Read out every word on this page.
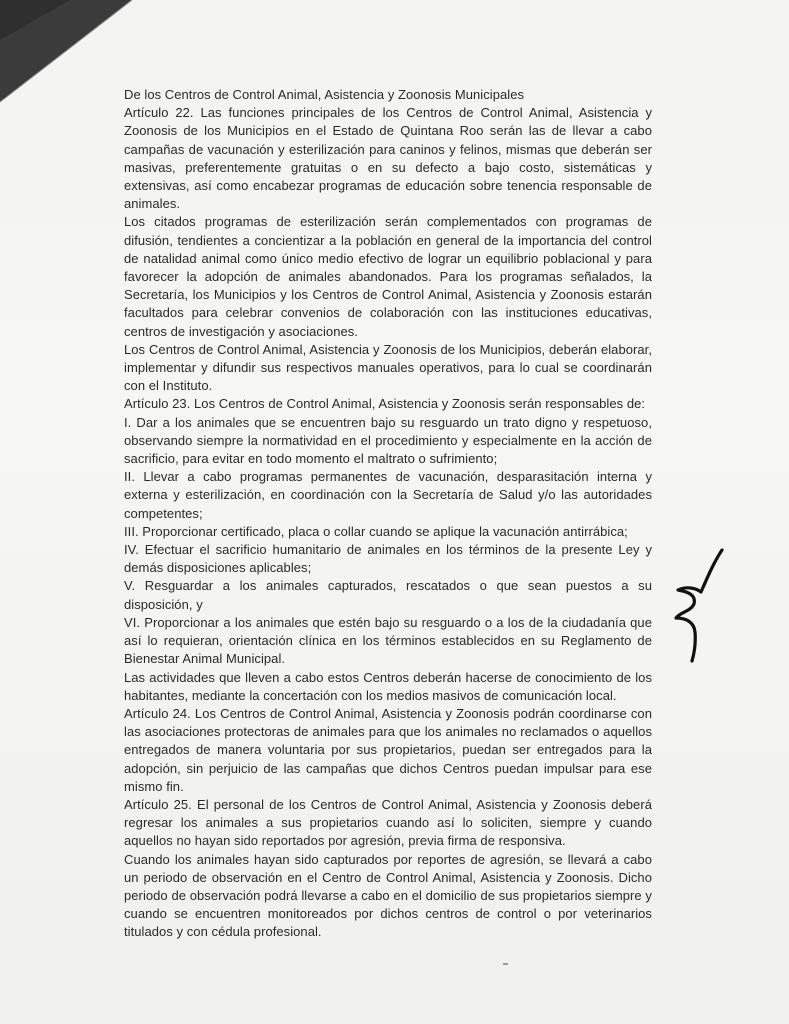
De los Centros de Control Animal, Asistencia y Zoonosis Municipales

Artículo 22. Las funciones principales de los Centros de Control Animal, Asistencia y Zoonosis de los Municipios en el Estado de Quintana Roo serán las de llevar a cabo campañas de vacunación y esterilización para caninos y felinos, mismas que deberán ser masivas, preferentemente gratuitas o en su defecto a bajo costo, sistemáticas y extensivas, así como encabezar programas de educación sobre tenencia responsable de animales.

Los citados programas de esterilización serán complementados con programas de difusión, tendientes a concientizar a la población en general de la importancia del control de natalidad animal como único medio efectivo de lograr un equilibrio poblacional y para favorecer la adopción de animales abandonados. Para los programas señalados, la Secretaría, los Municipios y los Centros de Control Animal, Asistencia y Zoonosis estarán facultados para celebrar convenios de colaboración con las instituciones educativas, centros de investigación y asociaciones.

Los Centros de Control Animal, Asistencia y Zoonosis de los Municipios, deberán elaborar, implementar y difundir sus respectivos manuales operativos, para lo cual se coordinarán con el Instituto.

Artículo 23. Los Centros de Control Animal, Asistencia y Zoonosis serán responsables de:

I. Dar a los animales que se encuentren bajo su resguardo un trato digno y respetuoso, observando siempre la normatividad en el procedimiento y especialmente en la acción de sacrificio, para evitar en todo momento el maltrato o sufrimiento;

II. Llevar a cabo programas permanentes de vacunación, desparasitación interna y externa y esterilización, en coordinación con la Secretaría de Salud y/o las autoridades competentes;

III. Proporcionar certificado, placa o collar cuando se aplique la vacunación antirrábica;

IV. Efectuar el sacrificio humanitario de animales en los términos de la presente Ley y demás disposiciones aplicables;

V. Resguardar a los animales capturados, rescatados o que sean puestos a su disposición, y

VI. Proporcionar a los animales que estén bajo su resguardo o a los de la ciudadanía que así lo requieran, orientación clínica en los términos establecidos en su Reglamento de Bienestar Animal Municipal.

Las actividades que lleven a cabo estos Centros deberán hacerse de conocimiento de los habitantes, mediante la concertación con los medios masivos de comunicación local.

Artículo 24. Los Centros de Control Animal, Asistencia y Zoonosis podrán coordinarse con las asociaciones protectoras de animales para que los animales no reclamados o aquellos entregados de manera voluntaria por sus propietarios, puedan ser entregados para la adopción, sin perjuicio de las campañas que dichos Centros puedan impulsar para ese mismo fin.

Artículo 25. El personal de los Centros de Control Animal, Asistencia y Zoonosis deberá regresar los animales a sus propietarios cuando así lo soliciten, siempre y cuando aquellos no hayan sido reportados por agresión, previa firma de responsiva.

Cuando los animales hayan sido capturados por reportes de agresión, se llevará a cabo un periodo de observación en el Centro de Control Animal, Asistencia y Zoonosis. Dicho periodo de observación podrá llevarse a cabo en el domicilio de sus propietarios siempre y cuando se encuentren monitoreados por dichos centros de control o por veterinarios titulados y con cédula profesional.
